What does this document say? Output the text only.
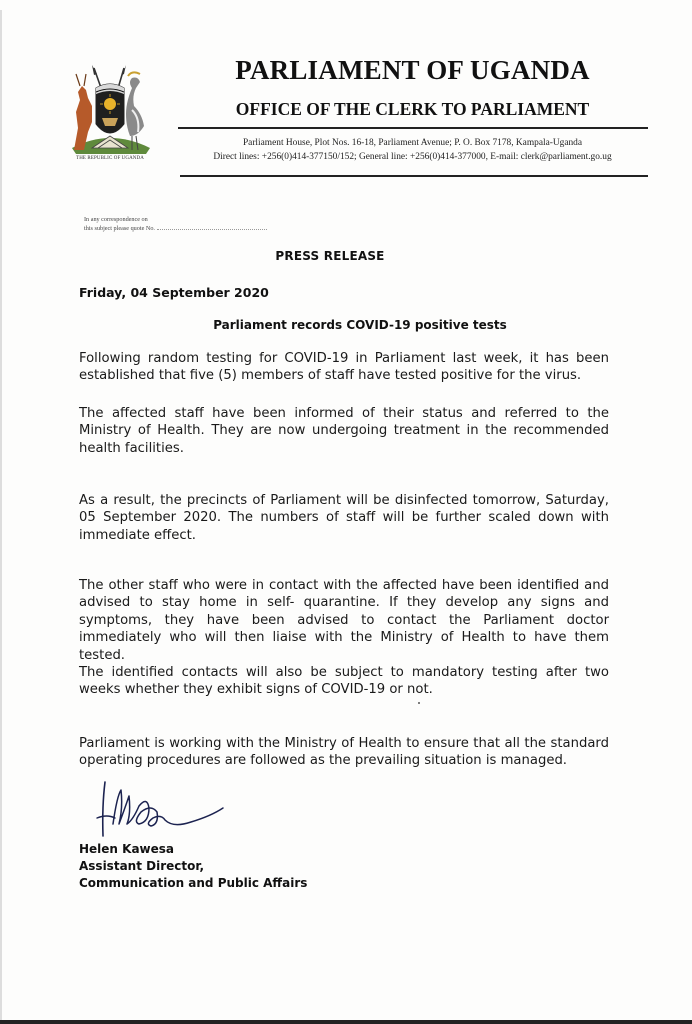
THE REPUBLIC OF UGANDA
PARLIAMENT OF UGANDA
OFFICE OF THE CLERK TO PARLIAMENT
Parliament House, Plot Nos. 16-18, Parliament Avenue; P. O. Box 7178, Kampala-Uganda
Direct lines: +256(0)414-377150/152; General line: +256(0)414-377000, E-mail: clerk@parliament.go.ug
In any correspondence on
this subject please quote No.
PRESS RELEASE
Friday, 04 September 2020
Parliament records COVID-19 positive tests
Following random testing for COVID-19 in Parliament last week, it has been established that five (5) members of staff have tested positive for the virus.
The affected staff have been informed of their status and referred to the Ministry of Health. They are now undergoing treatment in the recommended health facilities.
As a result, the precincts of Parliament will be disinfected tomorrow, Saturday, 05 September 2020. The numbers of staff will be further scaled down with immediate effect.
The other staff who were in contact with the affected have been identified and advised to stay home in self- quarantine. If they develop any signs and symptoms, they have been advised to contact the Parliament doctor immediately who will then liaise with the Ministry of Health to have them tested.
The identified contacts will also be subject to mandatory testing after two weeks whether they exhibit signs of COVID-19 or not.
Parliament is working with the Ministry of Health to ensure that all the standard operating procedures are followed as the prevailing situation is managed.
Helen Kawesa
Assistant Director,
Communication and Public Affairs
